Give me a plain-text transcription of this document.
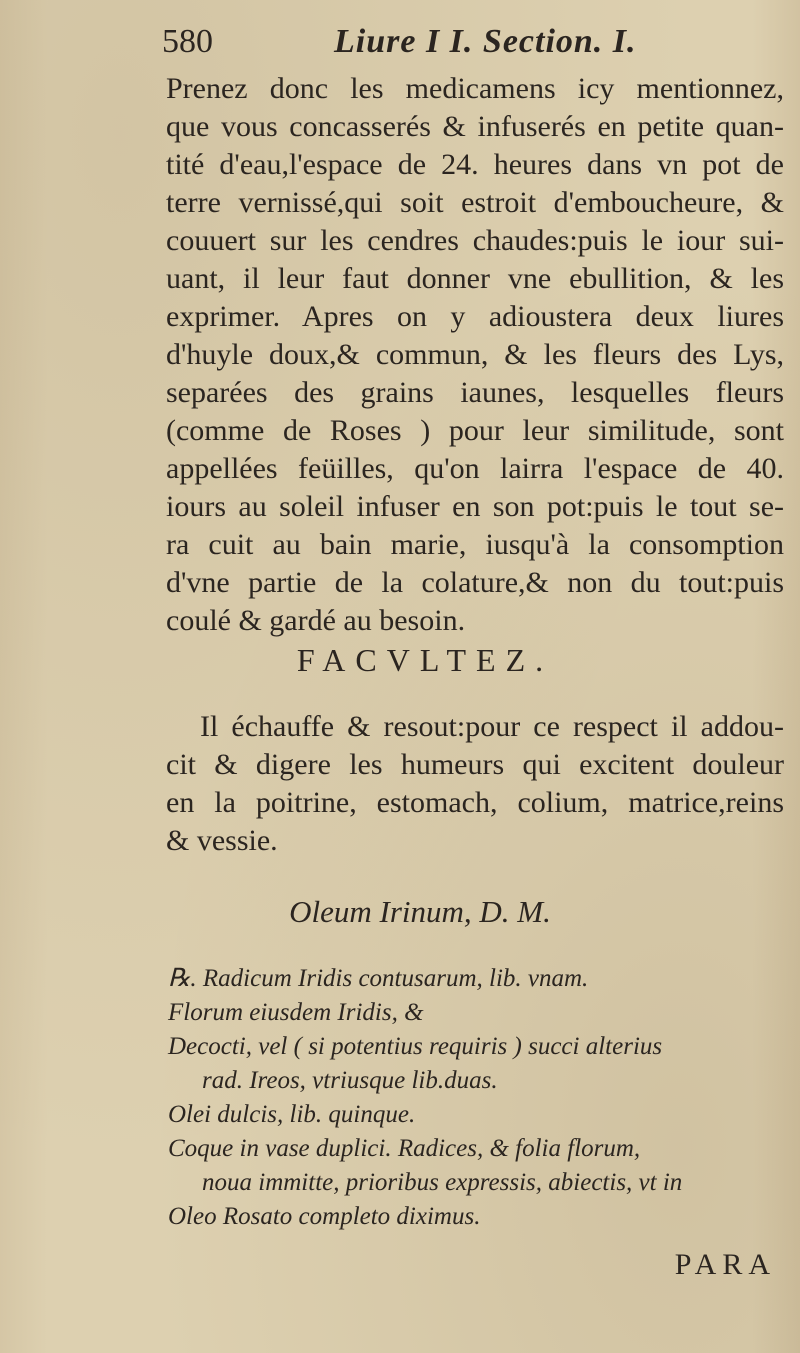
580	Liure I I. Section. I.
Prenez donc les medicamens icy mentionnez,
que vous concasserés & infuserés en petite quan-
tité d'eau,l'espace de 24. heures dans vn pot de
terre vernissé,qui soit estroit d'emboucheure, &
couuert sur les cendres chaudes:puis le iour sui-
uant, il leur faut donner vne ebullition, & les
exprimer. Apres on y adioustera deux liures
d'huyle doux,& commun, & les fleurs des Lys,
separées des grains iaunes, lesquelles fleurs
(comme de Roses ) pour leur similitude, sont
appellées feüilles, qu'on lairra l'espace de 40.
iours au soleil infuser en son pot:puis le tout se-
ra cuit au bain marie, iusqu'à la consomption
d'vne partie de la colature,& non du tout:puis
coulé & gardé au besoin.
FACVLTEZ.
Il échauffe & resout:pour ce respect il addou-
cit & digere les humeurs qui excitent douleur
en la poitrine, estomach, colium, matrice,reins
& vessie.
Oleum Irinum, D. M.
℞. Radicum Iridis contusarum, lib. vnam.
Florum eiusdem Iridis, &
Decocti, vel ( si potentius requiris ) succi alterius
rad. Ireos, vtriusque lib.duas.
Olei dulcis, lib. quinque.
Coque in vase duplici. Radices, & folia florum,
noua immitte, prioribus expressis, abiectis, vt in
Oleo Rosato completo diximus.
PARA
